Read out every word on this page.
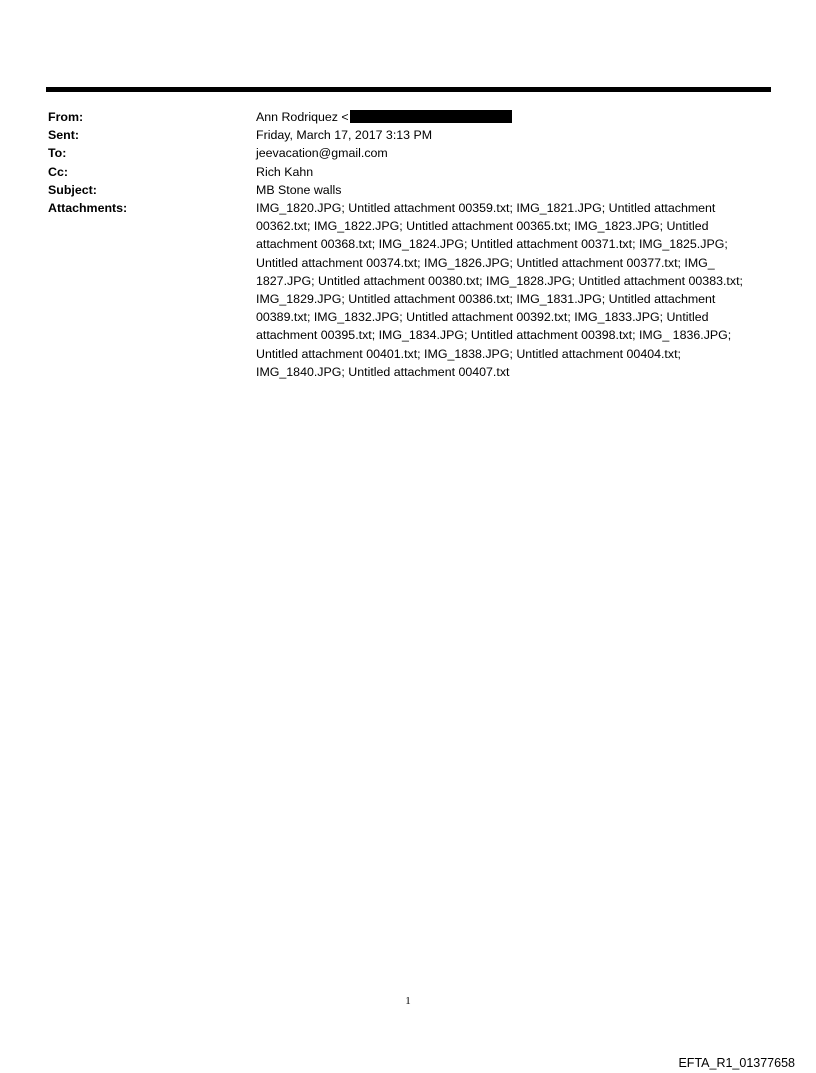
From:	Ann Rodriquez <
Sent:	Friday, March 17, 2017 3:13 PM
To:	jeevacation@gmail.com
Cc:	Rich Kahn
Subject:	MB Stone walls
Attachments:	IMG_1820.JPG; Untitled attachment 00359.txt; IMG_1821.JPG; Untitled attachment 00362.txt; IMG_1822.JPG; Untitled attachment 00365.txt; IMG_1823.JPG; Untitled attachment 00368.txt; IMG_1824.JPG; Untitled attachment 00371.txt; IMG_1825.JPG; Untitled attachment 00374.txt; IMG_1826.JPG; Untitled attachment 00377.txt; IMG_ 1827.JPG; Untitled attachment 00380.txt; IMG_1828.JPG; Untitled attachment 00383.txt; IMG_1829.JPG; Untitled attachment 00386.txt; IMG_1831.JPG; Untitled attachment 00389.txt; IMG_1832.JPG; Untitled attachment 00392.txt; IMG_1833.JPG; Untitled attachment 00395.txt; IMG_1834.JPG; Untitled attachment 00398.txt; IMG_ 1836.JPG; Untitled attachment 00401.txt; IMG_1838.JPG; Untitled attachment 00404.txt; IMG_1840.JPG; Untitled attachment 00407.txt
1
EFTA_R1_01377658
